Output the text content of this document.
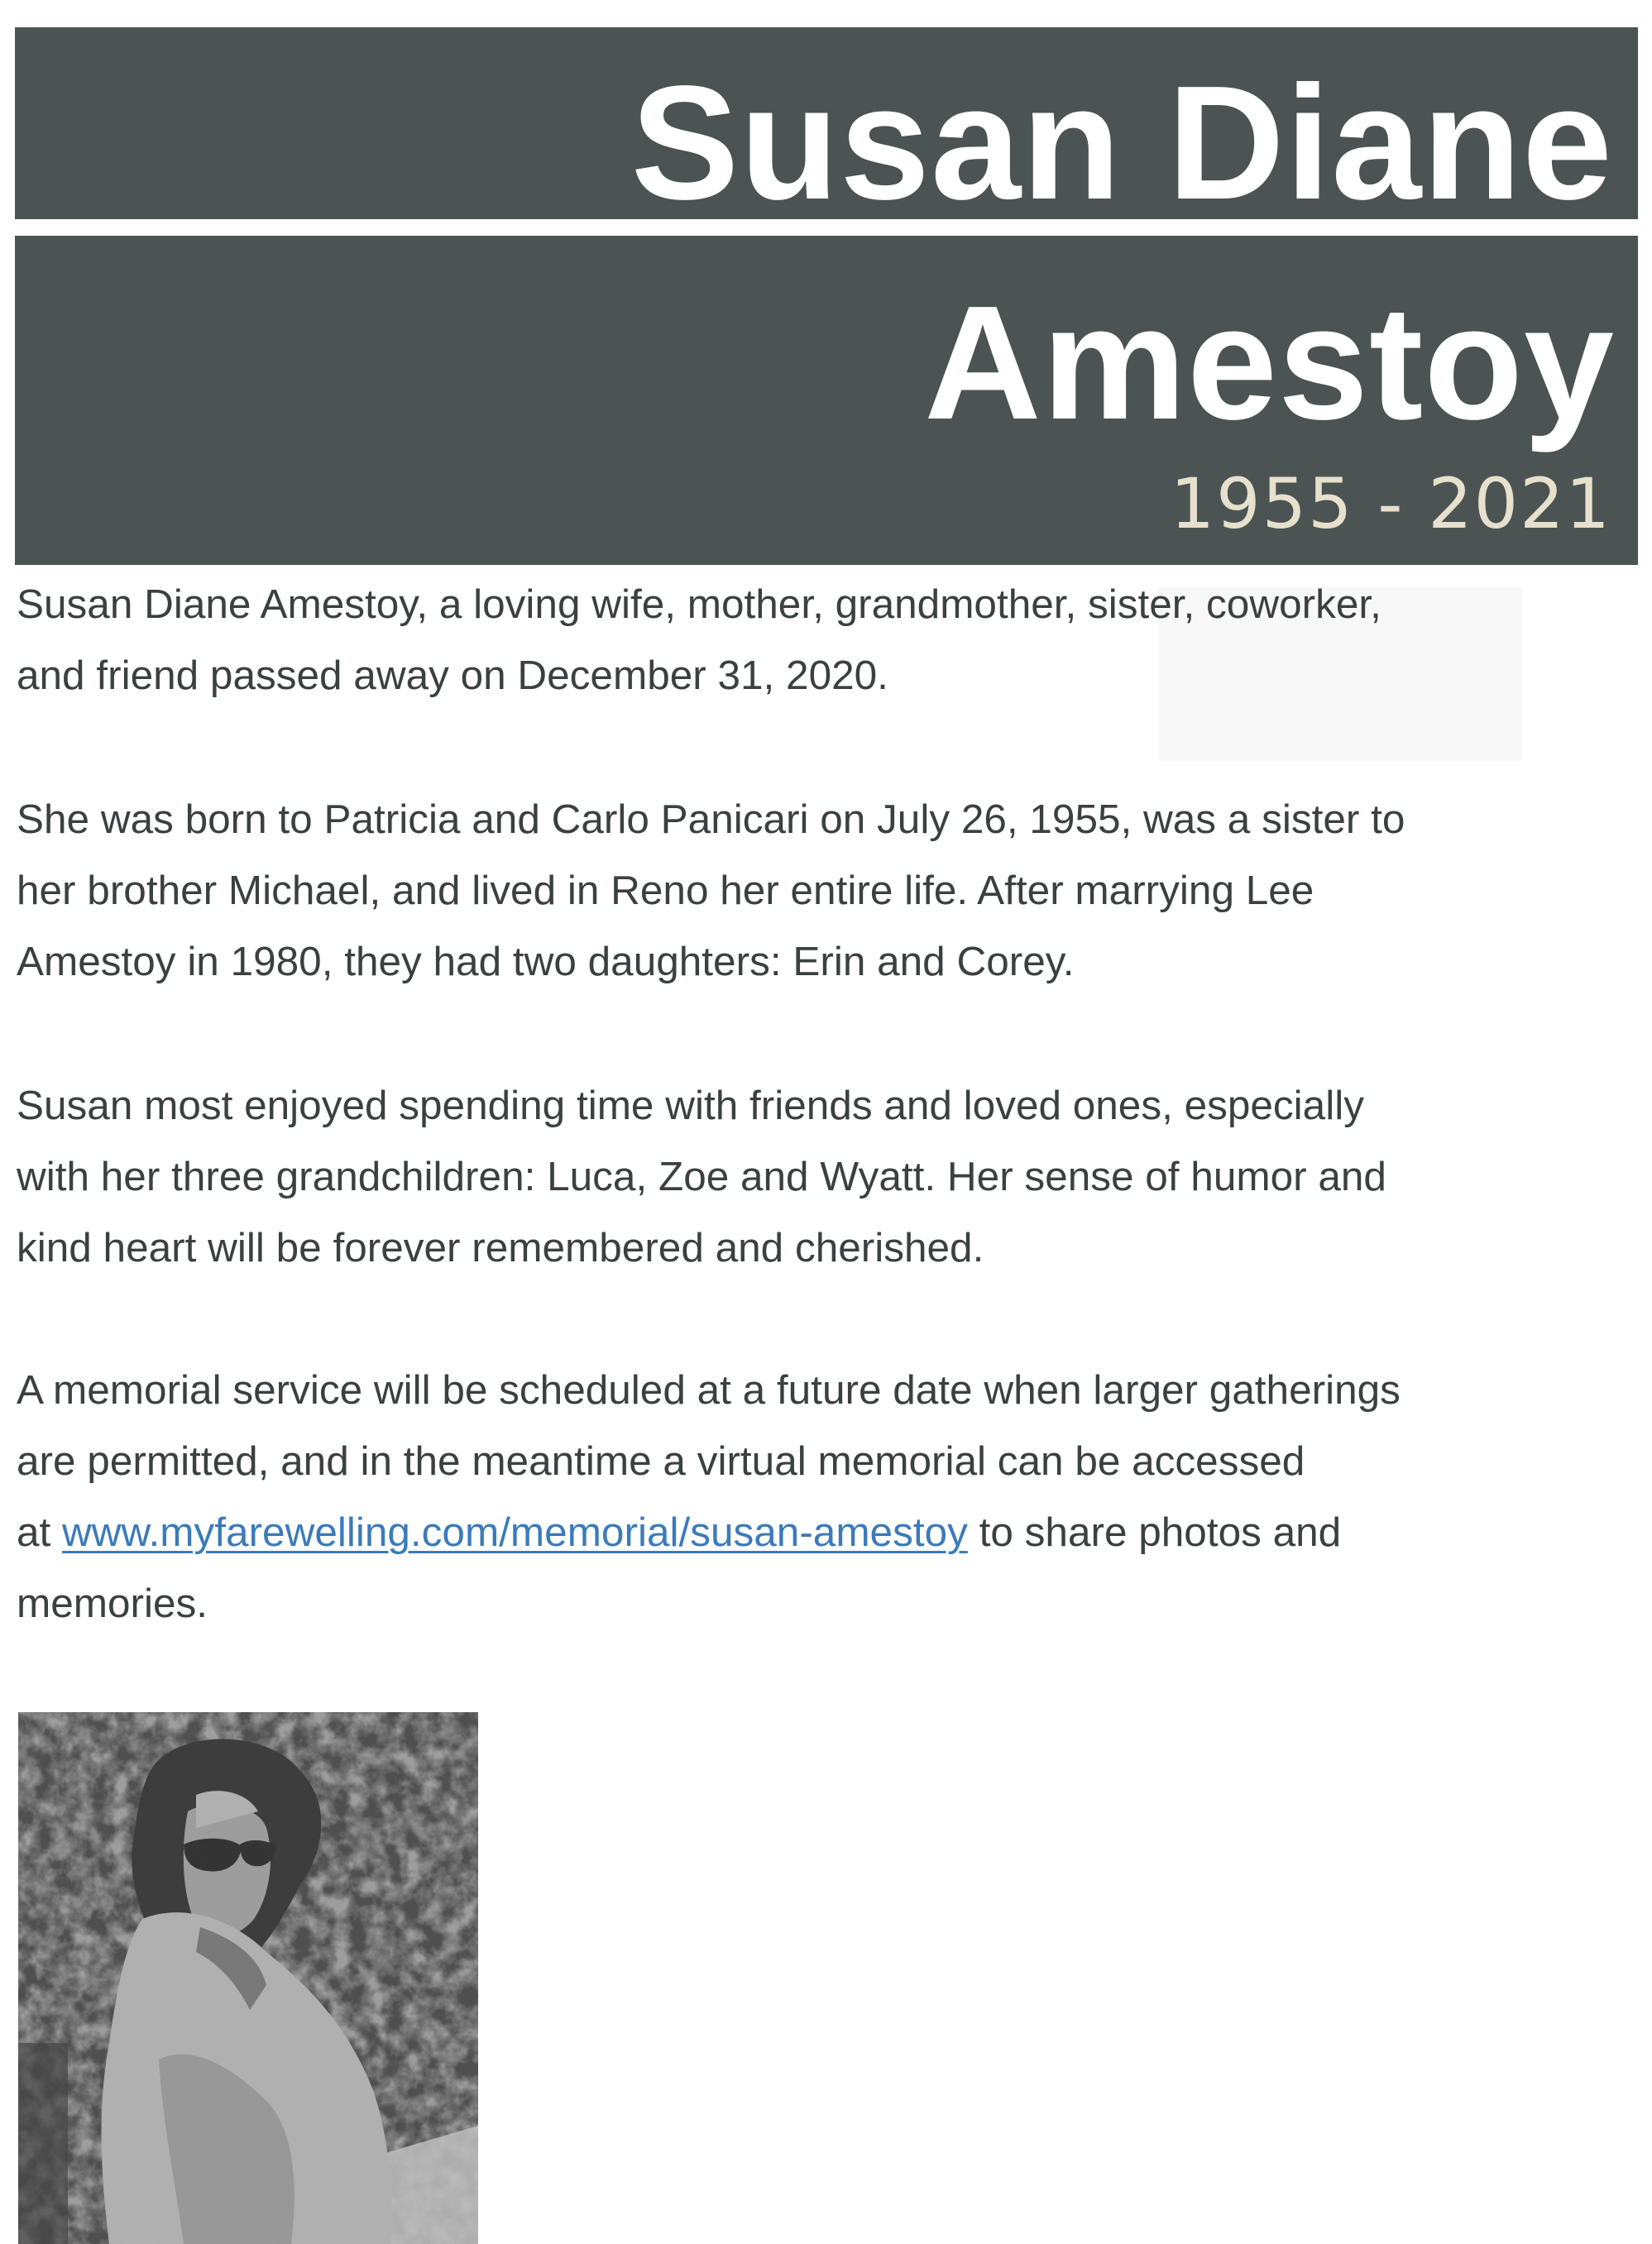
Susan Diane
Amestoy
1955 - 2021
Susan Diane Amestoy, a loving wife, mother, grandmother, sister, coworker,
and friend passed away on December 31, 2020.
She was born to Patricia and Carlo Panicari on July 26, 1955, was a sister to
her brother Michael, and lived in Reno her entire life. After marrying Lee
Amestoy in 1980, they had two daughters: Erin and Corey.
Susan most enjoyed spending time with friends and loved ones, especially
with her three grandchildren: Luca, Zoe and Wyatt. Her sense of humor and
kind heart will be forever remembered and cherished.
A memorial service will be scheduled at a future date when larger gatherings
are permitted, and in the meantime a virtual memorial can be accessed
at www.myfarewelling.com/memorial/susan-amestoy to share photos and
memories.
